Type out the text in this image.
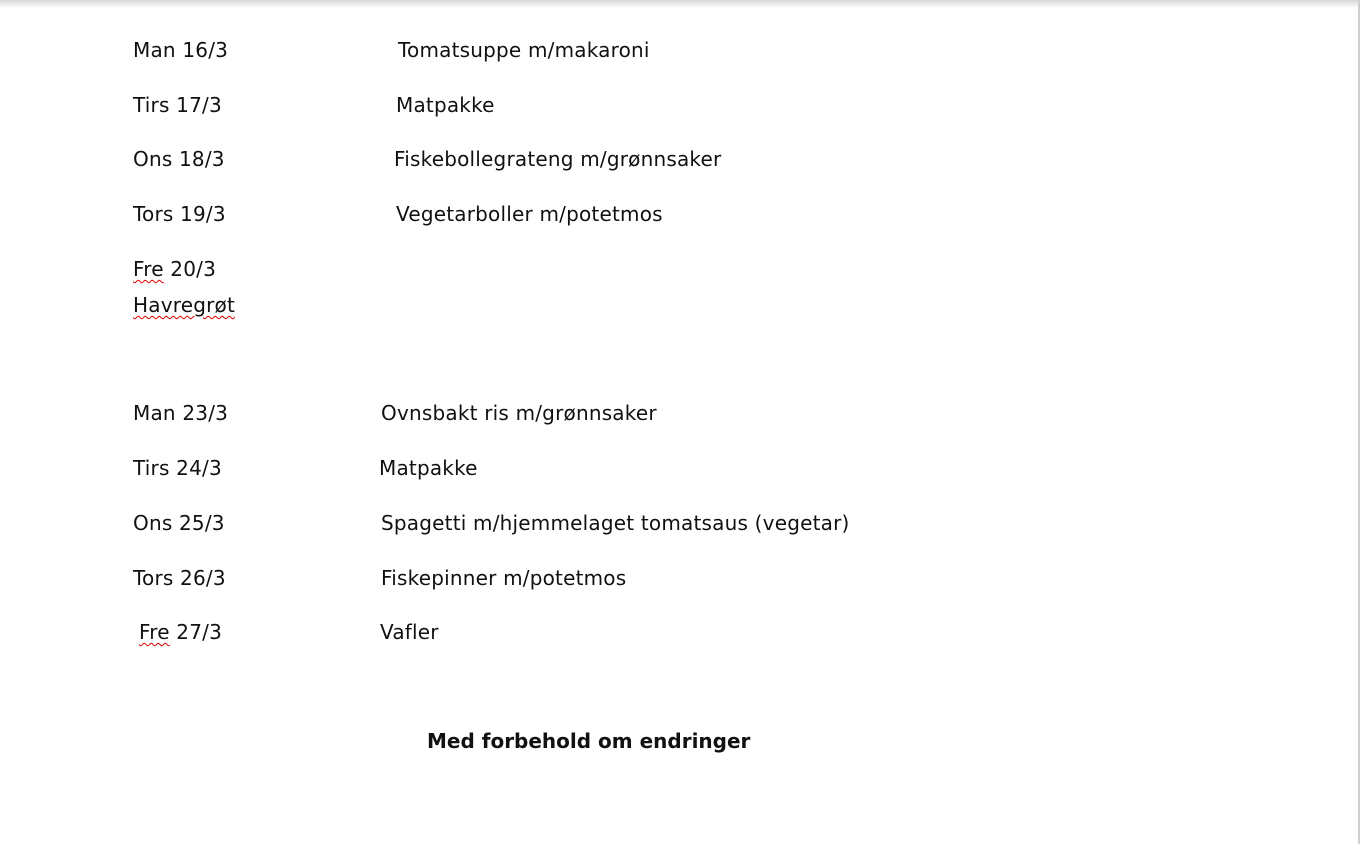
Man 16/3	Tomatsuppe m/makaroni
Tirs 17/3	Matpakke
Ons 18/3	Fiskebollegrateng m/grønnsaker
Tors 19/3	Vegetarboller m/potetmos
Fre 20/3
Havregrøt
Man 23/3	Ovnsbakt ris m/grønnsaker
Tirs 24/3	Matpakke
Ons 25/3	Spagetti m/hjemmelaget tomatsaus (vegetar)
Tors 26/3	Fiskepinner m/potetmos
Fre 27/3	Vafler
Med forbehold om endringer
